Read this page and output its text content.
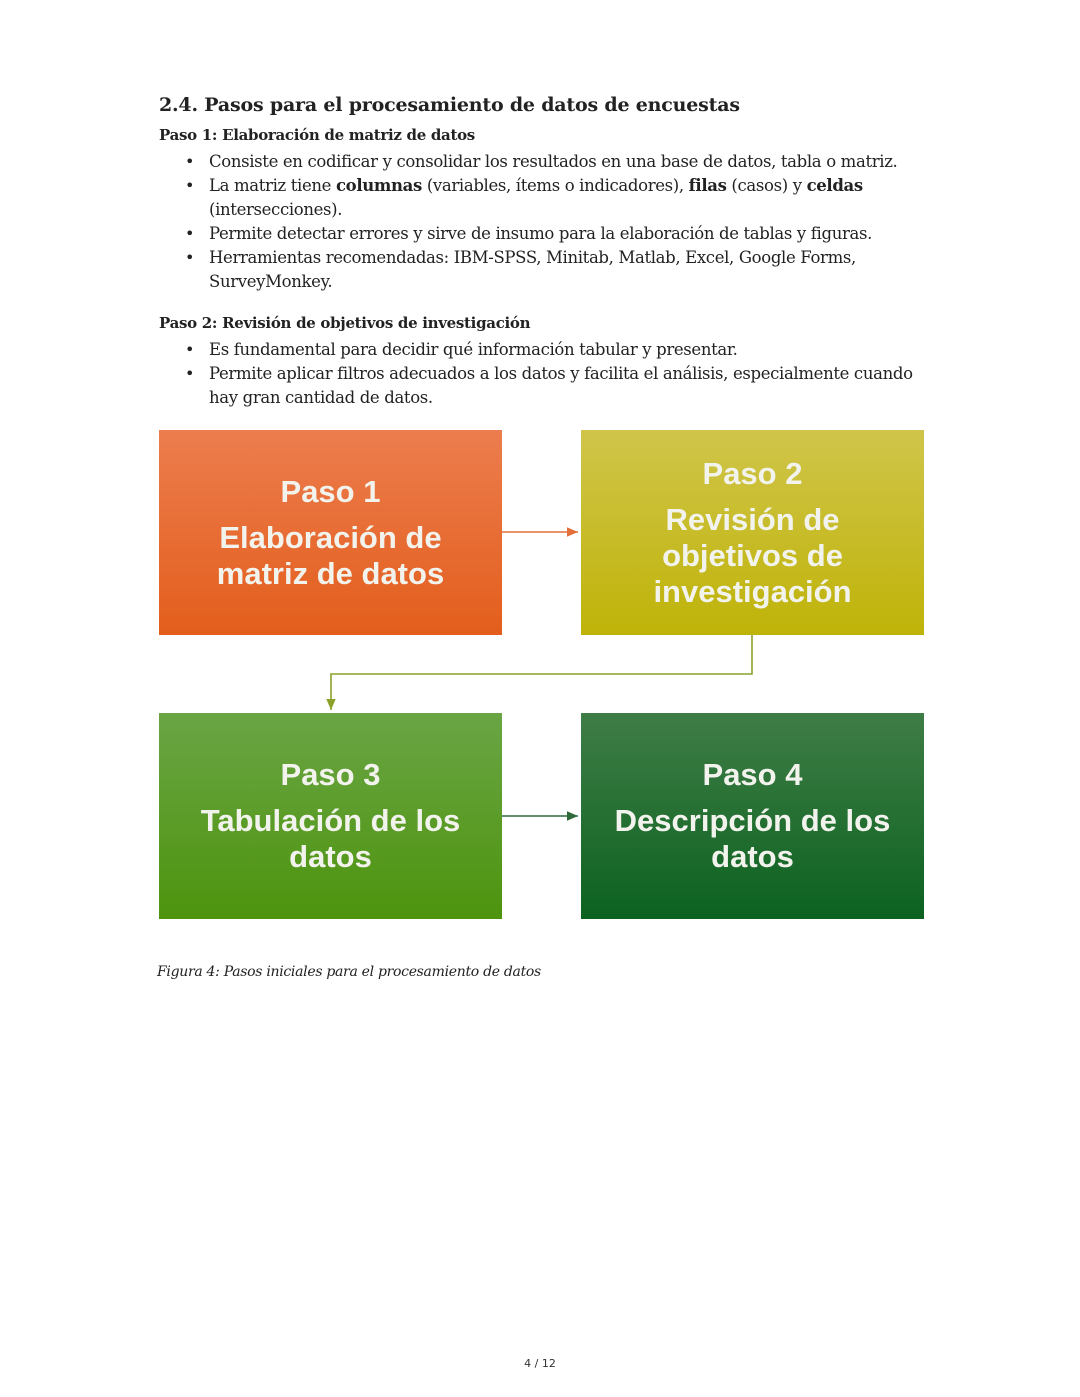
2.4. Pasos para el procesamiento de datos de encuestas
Paso 1: Elaboración de matriz de datos
• Consiste en codificar y consolidar los resultados en una base de datos, tabla o matriz.
• La matriz tiene columnas (variables, ítems o indicadores), filas (casos) y celdas (intersecciones).
• Permite detectar errores y sirve de insumo para la elaboración de tablas y figuras.
• Herramientas recomendadas: IBM-SPSS, Minitab, Matlab, Excel, Google Forms, SurveyMonkey.
Paso 2: Revisión de objetivos de investigación
• Es fundamental para decidir qué información tabular y presentar.
• Permite aplicar filtros adecuados a los datos y facilita el análisis, especialmente cuando hay gran cantidad de datos.
Paso 1
Elaboración de
matriz de datos
Paso 2
Revisión de
objetivos de
investigación
Paso 3
Tabulación de los
datos
Paso 4
Descripción de los
datos
Figura 4: Pasos iniciales para el procesamiento de datos
4 / 12
